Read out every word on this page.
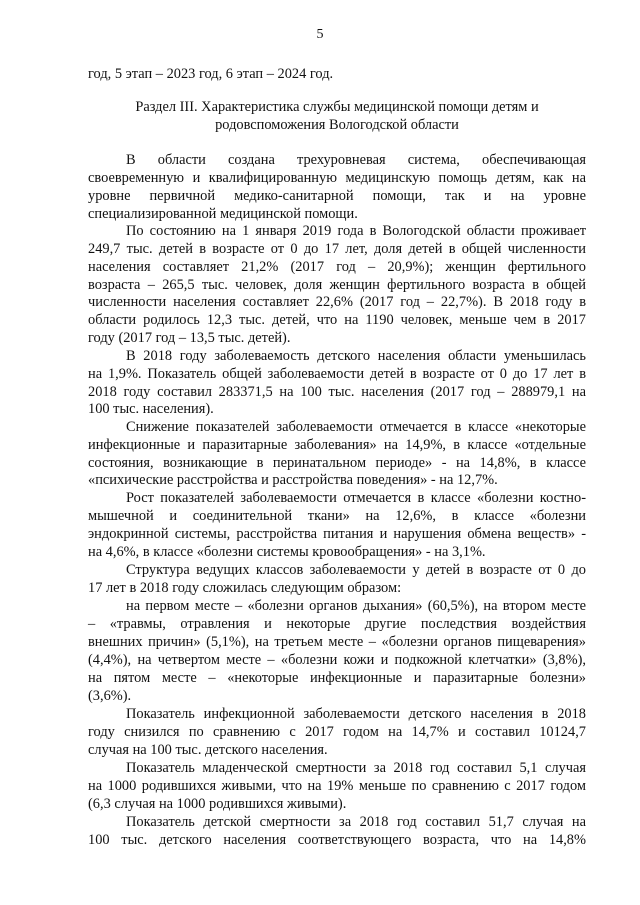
5
год, 5 этап – 2023 год, 6 этап – 2024 год.
Раздел III. Характеристика службы медицинской помощи детям и
родовспоможения Вологодской области
В области создана трехуровневая система, обеспечивающая
своевременную и квалифицированную медицинскую помощь детям, как на
уровне первичной медико-санитарной помощи, так и на уровне
специализированной медицинской помощи.
По состоянию на 1 января 2019 года в Вологодской области проживает
249,7 тыс. детей в возрасте от 0 до 17 лет, доля детей в общей численности
населения составляет 21,2% (2017 год – 20,9%); женщин фертильного
возраста – 265,5 тыс. человек, доля женщин фертильного возраста в общей
численности населения составляет 22,6% (2017 год – 22,7%). В 2018 году в
области родилось 12,3 тыс. детей, что на 1190 человек, меньше чем в 2017
году (2017 год – 13,5 тыс. детей).
В 2018 году заболеваемость детского населения области уменьшилась
на 1,9%. Показатель общей заболеваемости детей в возрасте от 0 до 17 лет в
2018 году составил 283371,5 на 100 тыс. населения (2017 год – 288979,1 на
100 тыс. населения).
Снижение показателей заболеваемости отмечается в классе «некоторые
инфекционные и паразитарные заболевания» на 14,9%, в классе «отдельные
состояния, возникающие в перинатальном периоде» - на 14,8%, в классе
«психические расстройства и расстройства поведения» - на 12,7%.
Рост показателей заболеваемости отмечается в классе «болезни костно-
мышечной и соединительной ткани» на 12,6%, в классе «болезни
эндокринной системы, расстройства питания и нарушения обмена веществ» -
на 4,6%, в классе «болезни системы кровообращения» - на 3,1%.
Структура ведущих классов заболеваемости у детей в возрасте от 0 до
17 лет в 2018 году сложилась следующим образом:
на первом месте – «болезни органов дыхания» (60,5%), на втором месте
– «травмы, отравления и некоторые другие последствия воздействия
внешних причин» (5,1%), на третьем месте – «болезни органов пищеварения»
(4,4%), на четвертом месте – «болезни кожи и подкожной клетчатки» (3,8%),
на пятом месте – «некоторые инфекционные и паразитарные болезни»
(3,6%).
Показатель инфекционной заболеваемости детского населения в 2018
году снизился по сравнению с 2017 годом на 14,7% и составил 10124,7
случая на 100 тыс. детского населения.
Показатель младенческой смертности за 2018 год составил 5,1 случая
на 1000 родившихся живыми, что на 19% меньше по сравнению с 2017 годом
(6,3 случая на 1000 родившихся живыми).
Показатель детской смертности за 2018 год составил 51,7 случая на
100 тыс. детского населения соответствующего возраста, что на 14,8%
